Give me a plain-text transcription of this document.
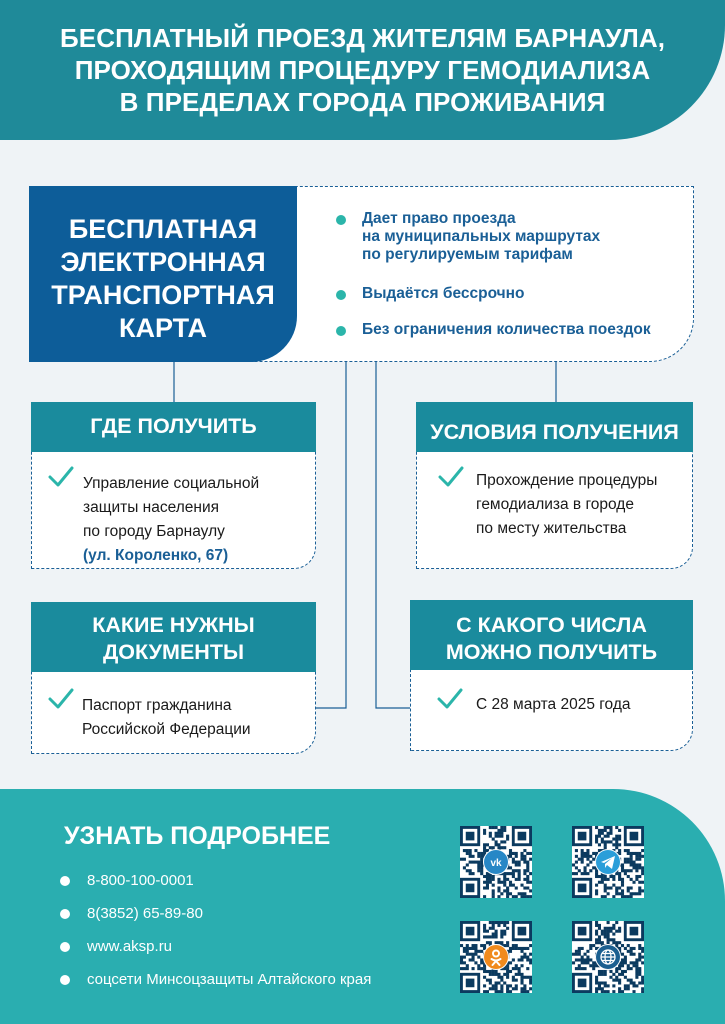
БЕСПЛАТНЫЙ ПРОЕЗД ЖИТЕЛЯМ БАРНАУЛА,
ПРОХОДЯЩИМ ПРОЦЕДУРУ ГЕМОДИАЛИЗА
В ПРЕДЕЛАХ ГОРОДА ПРОЖИВАНИЯ
БЕСПЛАТНАЯ
ЭЛЕКТРОННАЯ
ТРАНСПОРТНАЯ
КАРТА
Дает право проезда
на муниципальных маршрутах
по регулируемым тарифам
Выдаётся бессрочно
Без ограничения количества поездок
ГДЕ ПОЛУЧИТЬ
Управление социальной
защиты населения
по городу Барнаулу
(ул. Короленко, 67)
УСЛОВИЯ ПОЛУЧЕНИЯ
Прохождение процедуры
гемодиализа в городе
по месту жительства
КАКИЕ НУЖНЫ
ДОКУМЕНТЫ
Паспорт гражданина
Российской Федерации
С КАКОГО ЧИСЛА
МОЖНО ПОЛУЧИТЬ
С 28 марта 2025 года
УЗНАТЬ ПОДРОБНЕЕ
8-800-100-0001
8(3852) 65-89-80
www.aksp.ru
соцсети Минсоцзащиты Алтайского края
vk
